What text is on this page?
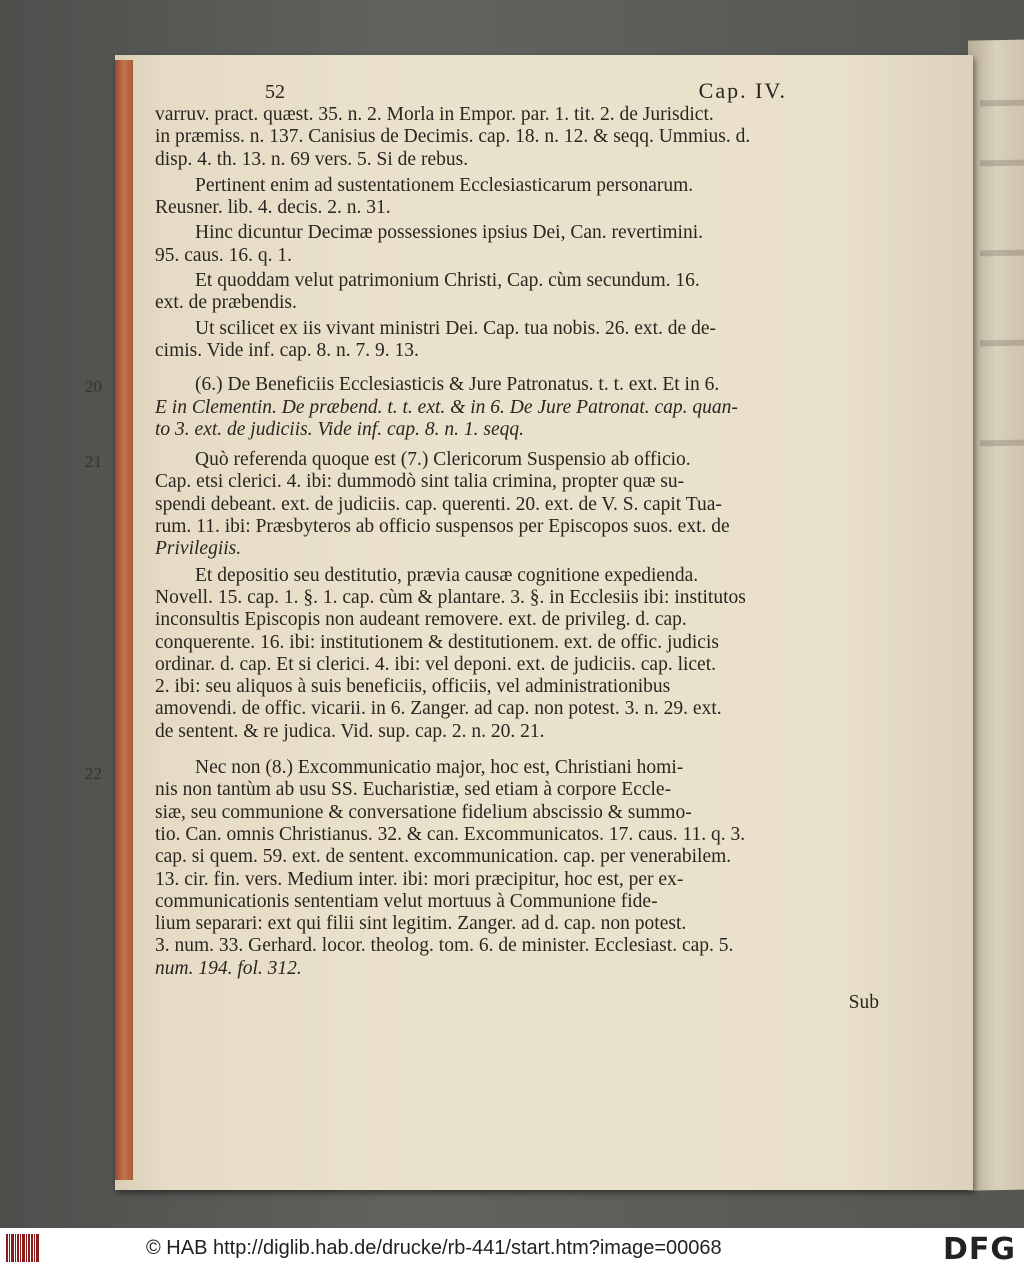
52	Cap. IV.
varruv. pract. quæst. 35. n. 2. Morla in Empor. par. 1. tit. 2. de Jurisdict.
in præmiss. n. 137. Canisius de Decimis. cap. 18. n. 12. & seqq. Ummius. d.
disp. 4. th. 13. n. 69 vers. 5. Si de rebus.
Pertinent enim ad sustentationem Ecclesiasticarum personarum.
Reusner. lib. 4. decis. 2. n. 31.
Hinc dicuntur Decimæ possessiones ipsius Dei, Can. revertimini.
95. caus. 16. q. 1.
Et quoddam velut patrimonium Christi, Cap. cùm secundum. 16.
ext. de præbendis.
Ut scilicet ex iis vivant ministri Dei. Cap. tua nobis. 26. ext. de de-
cimis. Vide inf. cap. 8. n. 7. 9. 13.
20	(6.) De Beneficiis Ecclesiasticis & Jure Patronatus. t. t. ext. Et in 6.
E in Clementin. De præbend. t. t. ext. & in 6. De Jure Patronat. cap. quan-
to 3. ext. de judiciis. Vide inf. cap. 8. n. 1. seqq.
21	Quò referenda quoque est (7.) Clericorum Suspensio ab officio.
Cap. etsi clerici. 4. ibi: dummodò sint talia crimina, propter quæ su-
spendi debeant. ext. de judiciis. cap. querenti. 20. ext. de V. S. capit Tua-
rum. 11. ibi: Præsbyteros ab officio suspensos per Episcopos suos. ext. de
Privilegiis.
Et depositio seu destitutio, prævia causæ cognitione expedienda.
Novell. 15. cap. 1. §. 1. cap. cùm & plantare. 3. §. in Ecclesiis ibi: institutos
inconsultis Episcopis non audeant removere. ext. de privileg. d. cap.
conquerente. 16. ibi: institutionem & destitutionem. ext. de offic. judicis
ordinar. d. cap. Et si clerici. 4. ibi: vel deponi. ext. de judiciis. cap. licet.
2. ibi: seu aliquos à suis beneficiis, officiis, vel administrationibus
amovendi. de offic. vicarii. in 6. Zanger. ad cap. non potest. 3. n. 29. ext.
de sentent. & re judica. Vid. sup. cap. 2. n. 20. 21.
22	Nec non (8.) Excommunicatio major, hoc est, Christiani homi-
nis non tantùm ab usu SS. Eucharistiæ, sed etiam à corpore Eccle-
siæ, seu communione & conversatione fidelium abscissio & summo-
tio. Can. omnis Christianus. 32. & can. Excommunicatos. 17. caus. 11. q. 3.
cap. si quem. 59. ext. de sentent. excommunication. cap. per venerabilem.
13. cir. fin. vers. Medium inter. ibi: mori præcipitur, hoc est, per ex-
communicationis sententiam velut mortuus à Communione fide-
lium separari: ext qui filii sint legitim. Zanger. ad d. cap. non potest.
3. num. 33. Gerhard. locor. theolog. tom. 6. de minister. Ecclesiast. cap. 5.
num. 194. fol. 312.
Sub
© HAB http://diglib.hab.de/drucke/rb-441/start.htm?image=00068	DFG
